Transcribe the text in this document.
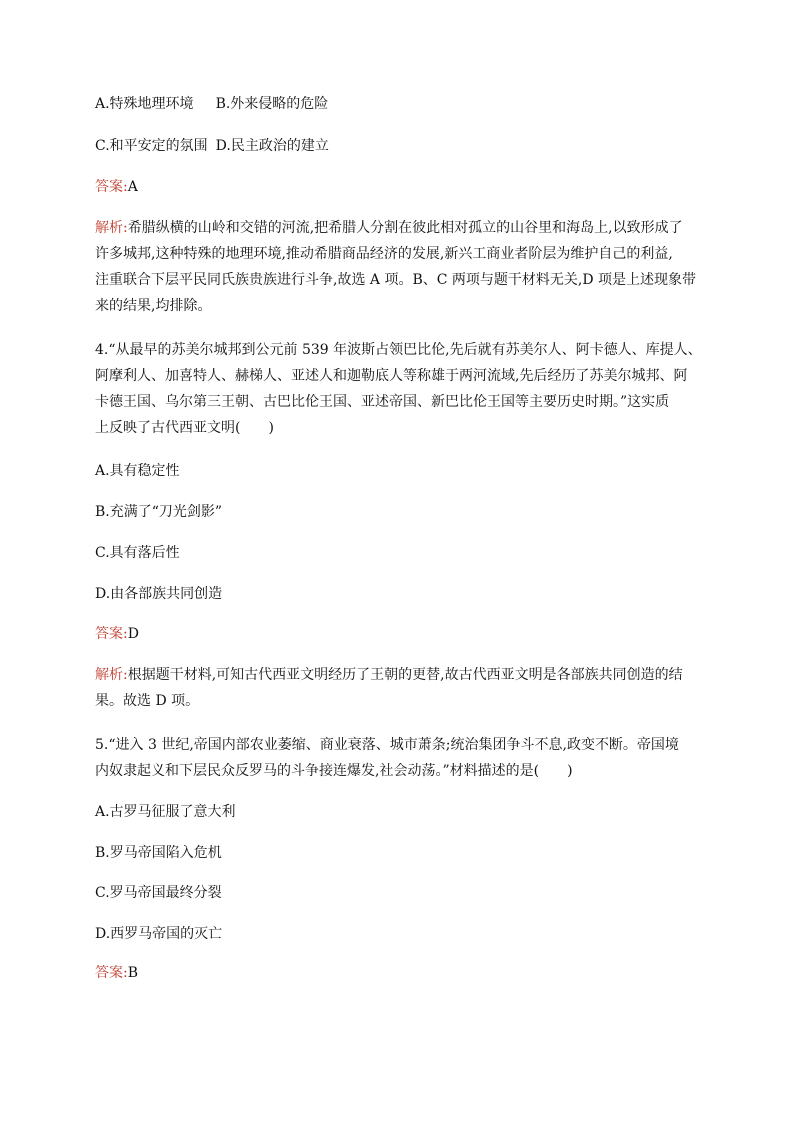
A.特殊地理环境 B.外来侵略的危险
C.和平安定的氛围 D.民主政治的建立
答案:A
解析:希腊纵横的山岭和交错的河流,把希腊人分割在彼此相对孤立的山谷里和海岛上,以致形成了
许多城邦,这种特殊的地理环境,推动希腊商品经济的发展,新兴工商业者阶层为维护自己的利益,
注重联合下层平民同氏族贵族进行斗争,故选 A 项。B、C 两项与题干材料无关,D 项是上述现象带
来的结果,均排除。
4.“从最早的苏美尔城邦到公元前 539 年波斯占领巴比伦,先后就有苏美尔人、阿卡德人、库提人、
阿摩利人、加喜特人、赫梯人、亚述人和迦勒底人等称雄于两河流域,先后经历了苏美尔城邦、阿
卡德王国、乌尔第三王朝、古巴比伦王国、亚述帝国、新巴比伦王国等主要历史时期。”这实质
上反映了古代西亚文明(　　)
A.具有稳定性
B.充满了“刀光剑影”
C.具有落后性
D.由各部族共同创造
答案:D
解析:根据题干材料,可知古代西亚文明经历了王朝的更替,故古代西亚文明是各部族共同创造的结
果。故选 D 项。
5.“进入 3 世纪,帝国内部农业萎缩、商业衰落、城市萧条;统治集团争斗不息,政变不断。帝国境
内奴隶起义和下层民众反罗马的斗争接连爆发,社会动荡。”材料描述的是(　　)
A.古罗马征服了意大利
B.罗马帝国陷入危机
C.罗马帝国最终分裂
D.西罗马帝国的灭亡
答案:B
